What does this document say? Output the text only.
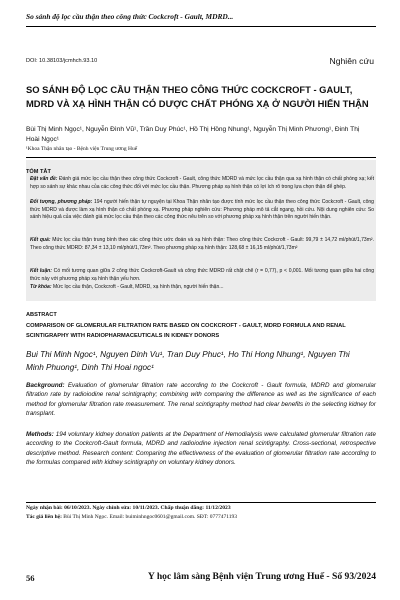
So sánh độ lọc cầu thận theo công thức Cockcroft - Gault, MDRD...
DOI: 10.38103/jcmhch.93.10	Nghiên cứu
SO SÁNH ĐỘ LỌC CẦU THẬN THEO CÔNG THỨC COCKCROFT - GAULT, MDRD VÀ XẠ HÌNH THẬN CÓ DƯỢC CHẤT PHÓNG XẠ Ở NGƯỜI HIẾN THẬN
Bùi Thị Minh Ngọc¹, Nguyễn Đình Vũ¹, Trần Duy Phúc¹, Hồ Thị Hồng Nhung¹, Nguyễn Thị Minh Phương¹, Đinh Thị Hoài Ngọc¹
¹Khoa Thận nhân tạo - Bệnh viện Trung ương Huế
TÓM TẮT
Đặt vấn đề: Đánh giá mức lọc cầu thận theo công thức Cockcroft - Gault, công thức MDRD và mức lọc cầu thận qua xạ hình thận có chất phóng xạ; kết hợp so sánh sự khác nhau của các công thức đối với mức lọc cầu thận. Phương pháp xạ hình thận có lợi ích rõ trong lựa chọn thận để ghép.
Đối tượng, phương pháp: 194 người hiến thận tự nguyện tại Khoa Thận nhân tạo được tính mức lọc cầu thận theo công thức Cockcroft - Gault, công thức MDRD và được làm xạ hình thận có chất phóng xạ. Phương pháp nghiên cứu: Phương pháp mô tả cắt ngang, hồi cứu. Nội dung nghiên cứu: So sánh hiệu quả của việc đánh giá mức lọc cầu thận theo các công thức nêu trên so với phương pháp xạ hình thận trên người hiến thận.
Kết quả: Mức lọc cầu thận trung bình theo các công thức ước đoán và xạ hình thận: Theo công thức Cockcroft - Gault: 99,79 ± 14,72 ml/phút/1,73m². Theo công thức MDRD: 87,34 ± 13,10 ml/phút/1,73m². Theo phương pháp xạ hình thận: 128,68 ± 16,15 ml/phút/1,73m²
Kết luận: Có mối tương quan giữa 2 công thức Cockcroft-Gault và công thức MDRD rất chặt chẽ (r = 0,77), p < 0,001. Mối tương quan giữa hai công thức này với phương pháp xạ hình thận yếu hơn.
Từ khóa: Mức lọc cầu thận, Cockcroft - Gault, MDRD, xạ hình thận, người hiến thận...
ABSTRACT
COMPARISON OF GLOMERULAR FILTRATION RATE BASED ON COCKCROFT - GAULT, MDRD FORMULA AND RENAL SCINTIGRAPHY WITH RADIOPHARMACEUTICALS IN KIDNEY DONORS
Bui Thi Minh Ngoc¹, Nguyen Dinh Vu¹, Tran Duy Phuc¹, Ho Thi Hong Nhung¹, Nguyen Thi Minh Phuong¹, Dinh Thi Hoai ngoc¹
Background: Evaluation of glomerular filtration rate according to the Cockcroft - Gault formula, MDRD and glomerular filtration rate by radioiodine renal scintigraphy; combining with comparing the difference as well as the significance of each method for glomerular filtration rate measurement. The renal scintigraphy method had clear benefits in the selecting kidney for transplant.
Methods: 194 voluntary kidney donation patients at the Department of Hemodialysis were calculated glomerular filtration rate according to the Cockcroft-Gault formula, MDRD and radioiodine injection renal scintigraphy. Cross-sectional, retrospective descriptive method. Research content: Comparing the effectiveness of the evaluation of glomerular filtration rate according to the formulas compared with kidney scintigraphy on voluntary kidney donors.
Ngày nhận bài: 06/10/2023. Ngày chỉnh sửa: 10/11/2023. Chấp thuận đăng: 11/12/2023
Tác giả liên hệ: Bùi Thị Minh Ngọc. Email: buiminhngoc0601@gmail.com. SĐT: 0777471193
56	Y học lâm sàng Bệnh viện Trung ương Huế - Số 93/2024
